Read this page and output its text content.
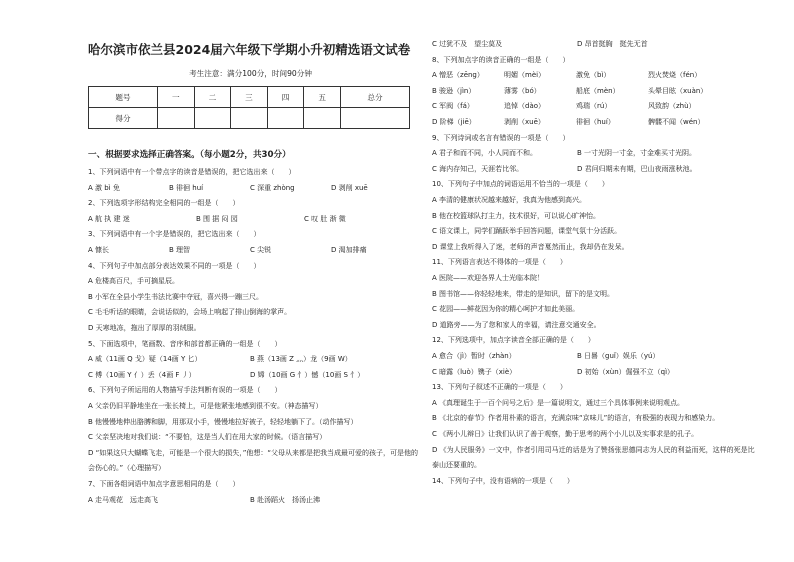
哈尔滨市依兰县2024届六年级下学期小升初精选语文试卷
考生注意：满分100分，时间90分钟
题号	一	二	三	四	五	总分
得分						
一、根据要求选择正确答案。（每小题2分，共30分）
1、下列词语中有一个带点字的读音是错误的，把它选出来（　　）
A 激 bì 免	B 徘徊 huí	C 深重 zhòng	D 剥削 xuē
2、下列选项字形结构完全相同的一组是（　　）
A 航 执 建 迷	B 围 据 闷 园	C 叹 肚 渐 微
3、下列词语中有一个字是错误的，把它选出来（　　）
A 慷长	B 理智	C 尖锐	D 渴加排痛
4、下列句子中加点部分表达效果不同的一项是（　　）
A 危楼高百尺，手可摘星辰。
B 小军在全县小学生书法比赛中夺冠，喜兴得一蹦三尺。
C 毛毛听话的眼睛，会说话似的，会场上响起了排山倒海的掌声。
D 天寒地冻，拖出了厚厚的羽绒服。
5、下面选项中，笔画数、音序和部首都正确的一组是（　　）
A 威（11画 Q 戈）疑（14画 Y 匕）	B 燕（13画 Z 灬）龙（9画 W）
C 傅（10画 Y 亻）丢（4画 F 丿）	D 嫦（10画 G 忄）憾（10画 S 忄）
6、下列句子所运用的人物描写手法判断有误的一项是（　　）
A 父亲仍旧平静地坐在一张长椅上，可是他紧张地感到很不安。（神态描写）
B 他慢慢地伸出胳膊和脚，用那双小手，慢慢地拉好被子，轻轻地躺下了。（动作描写）
C 父亲坚决地对我们说：“不要怕，这是当人们在用大家的时候。（语言描写）
D “如果这只大蝴蝶飞走，可能是一个很大的损失，”他想：“父母从来都是把我当成最可爱的孩子，可是他的
会伤心的。”（心理描写）
7、下面各组词语中加点字意思相同的是（　　）
A 走马观花　远走高飞	B 赴汤蹈火　扬汤止沸
C 过犹不及　望尘莫及	D 昂首挺胸　挺先无首
8、下列加点字的读音正确的一组是（　　）
A 憎恶（zēng）	明媚（mèi）	激免（bì）	烈火焚烧（fén）
B 骏逊（jìn）	薄雾（bó）	船底（mèn）	头晕目眩（xuàn）
C 军阀（fá）	追悼（dào）	鸡瑞（rú）	风致韵（zhù）
D 阶梯（jiē）	剥削（xuē）	徘徊（huí）	髀髅不闻（wén）
9、下列诗词或名言有错误的一项是（　　）
A 君子和而不同，小人同而不和。	B 一寸光阴一寸金，寸金难买寸光阴。
C 海内存知己，天涯若比邻。	D 君问归期未有期，巴山夜雨涨秋池。
10、下列句子中加点的词语运用不恰当的一项是（　　）
A 李清的健康状况越来越好，我真为他感到高兴。
B 他在校篮球队打主力，技术很好，可以说心旷神怡。
C 语文课上，同学们踊跃举手回答问题，课堂气氛十分活跃。
D 课堂上我听得入了迷，老师的声音戛然而止，我却仍在发呆。
11、下列语言表达不得体的一项是（　　）
A 医院——欢迎各界人士光临本院！
B 图书馆——你轻轻地来，带走的是知识，留下的是文明。
C 花园——鲜花因为你的精心呵护才如此美丽。
D 道路旁——为了您和家人的幸福，请注意交通安全。
12、下列选项中，加点字读音全部正确的是（　　）
A 愈合（jì）暂时（zhàn）	B 日晷（guǐ）娱乐（yú）
C 暗露（luò）镌子（xiè）	D 初始（xùn）倔强不立（qì）
13、下列句子叙述不正确的一项是（　　）
A 《真理诞生于一百个问号之后》是一篇说明文，通过三个具体事例来说明观点。
B 《北京的春节》作者用朴素的语言，充满京味“京味儿”的语言，有极强的表现力和感染力。
C 《两小儿辩日》让我们认识了善于观察，勤于思考的两个小儿以及实事求是的孔子。
D 《为人民服务》一文中，作者引用司马迁的话是为了赞扬张思德同志为人民的利益而死，这样的死是比
泰山还要重的。
14、下列句子中，没有语病的一项是（　　）
